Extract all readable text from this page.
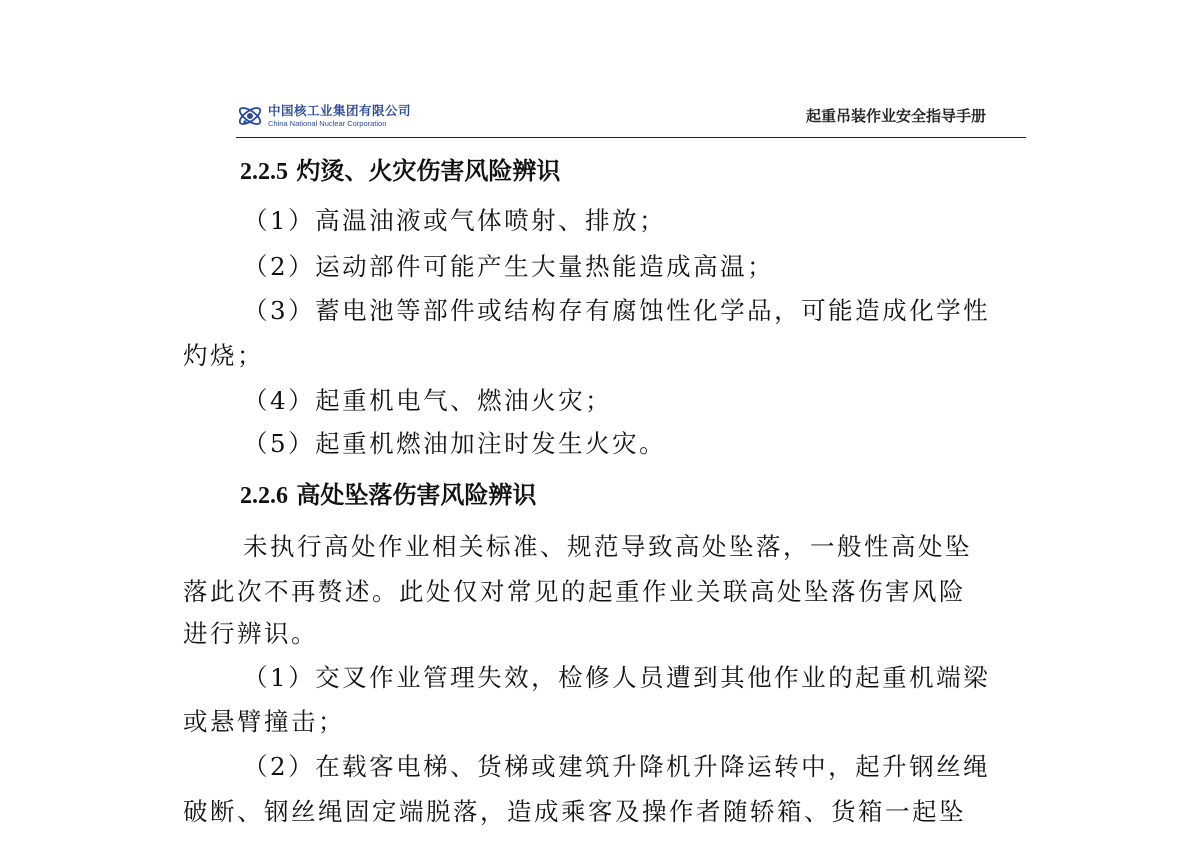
中国核工业集团有限公司
China National Nuclear Corporation	起重吊装作业安全指导手册
2.2.5 灼烫、火灾伤害风险辨识
（1）高温油液或气体喷射、排放；
（2）运动部件可能产生大量热能造成高温；
（3）蓄电池等部件或结构存有腐蚀性化学品，可能造成化学性
灼烧；
（4）起重机电气、燃油火灾；
（5）起重机燃油加注时发生火灾。
2.2.6 高处坠落伤害风险辨识
未执行高处作业相关标准、规范导致高处坠落，一般性高处坠
落此次不再赘述。此处仅对常见的起重作业关联高处坠落伤害风险
进行辨识。
（1）交叉作业管理失效，检修人员遭到其他作业的起重机端梁
或悬臂撞击；
（2）在载客电梯、货梯或建筑升降机升降运转中，起升钢丝绳
破断、钢丝绳固定端脱落，造成乘客及操作者随轿箱、货箱一起坠
